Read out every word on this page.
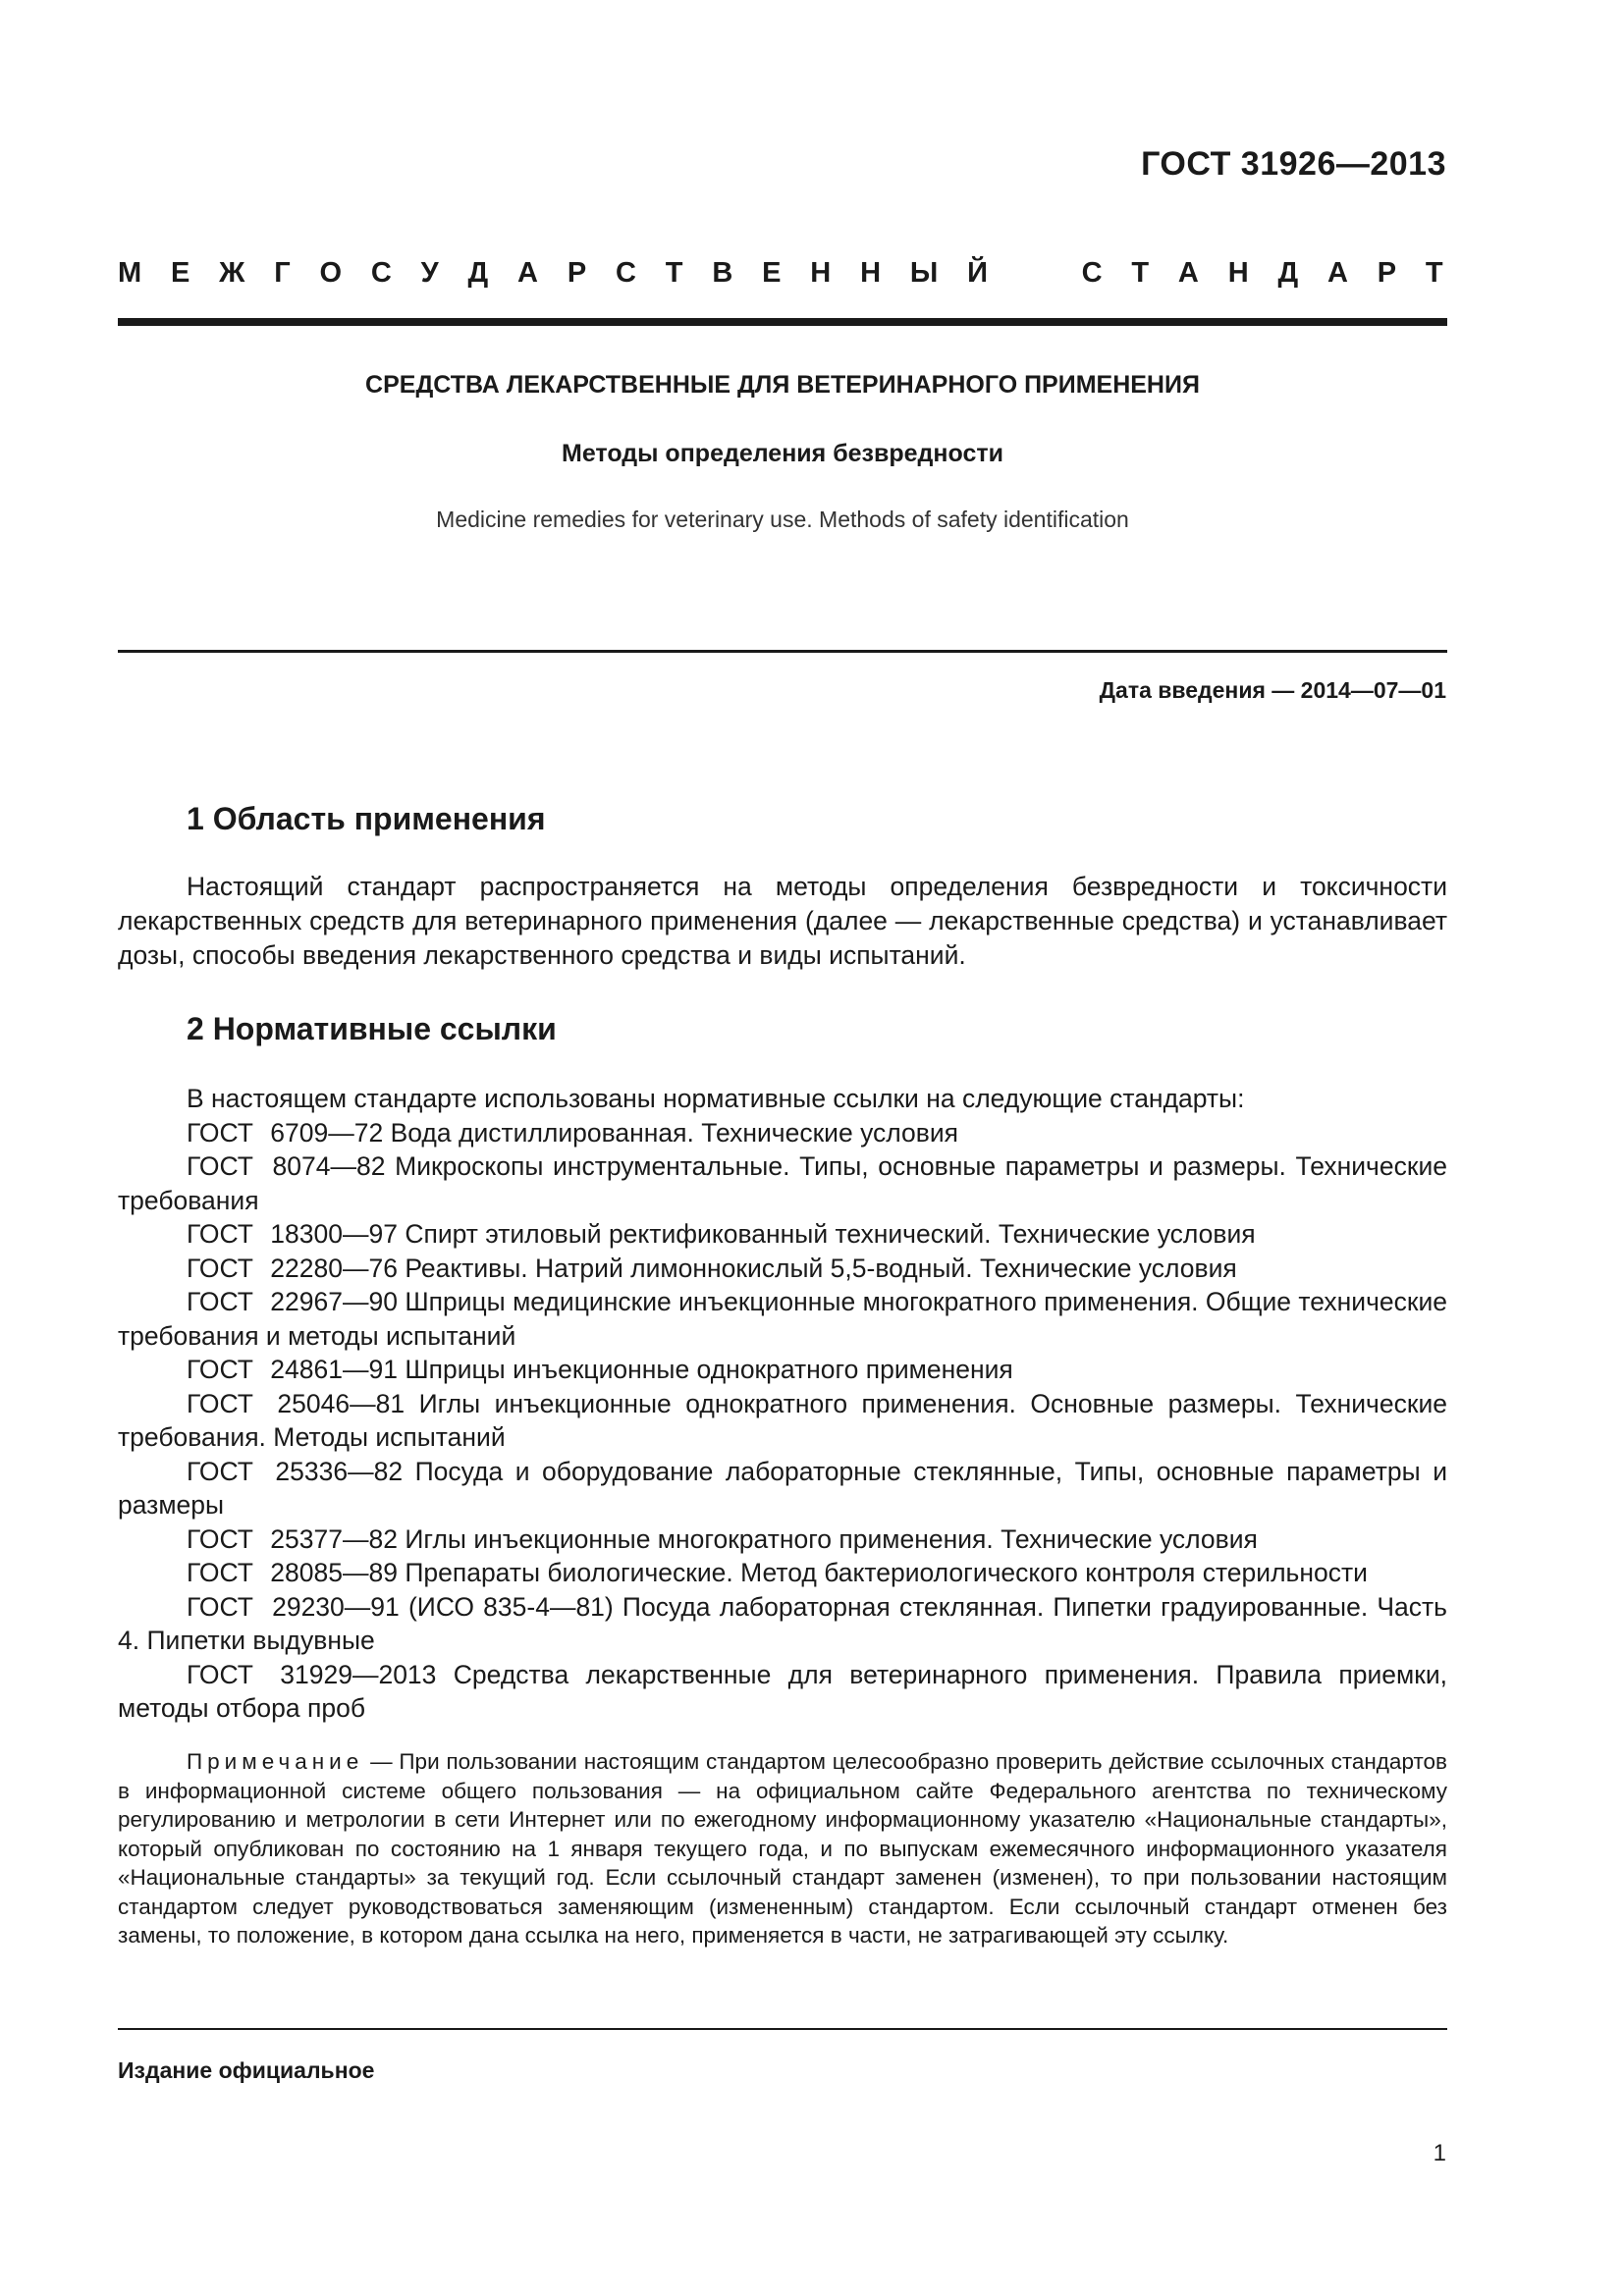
ГОСТ 31926—2013
М Е Ж Г О С У Д А Р С Т В Е Н Н Ы Й	С Т А Н Д А Р Т
СРЕДСТВА ЛЕКАРСТВЕННЫЕ ДЛЯ ВЕТЕРИНАРНОГО ПРИМЕНЕНИЯ
Методы определения безвредности
Medicine remedies for veterinary use. Methods of safety identification
Дата введения — 2014—07—01
1 Область применения

Настоящий стандарт распространяется на методы определения безвредности и токсичности лекарственных средств для ветеринарного применения (далее — лекарственные средства) и устанавливает дозы, способы введения лекарственного средства и виды испытаний.

2 Нормативные ссылки

В настоящем стандарте использованы нормативные ссылки на следующие стандарты:

ГОСТ 6709—72 Вода дистиллированная. Технические условия

ГОСТ 8074—82 Микроскопы инструментальные. Типы, основные параметры и размеры. Технические требования

ГОСТ 18300—97 Спирт этиловый ректификованный технический. Технические условия

ГОСТ 22280—76 Реактивы. Натрий лимоннокислый 5,5-водный. Технические условия

ГОСТ 22967—90 Шприцы медицинские инъекционные многократного применения. Общие технические требования и методы испытаний

ГОСТ 24861—91 Шприцы инъекционные однократного применения

ГОСТ 25046—81 Иглы инъекционные однократного применения. Основные размеры. Технические требования. Методы испытаний

ГОСТ 25336—82 Посуда и оборудование лабораторные стеклянные, Типы, основные параметры и размеры

ГОСТ 25377—82 Иглы инъекционные многократного применения. Технические условия

ГОСТ 28085—89 Препараты биологические. Метод бактериологического контроля стерильности

ГОСТ 29230—91 (ИСО 835-4—81) Посуда лабораторная стеклянная. Пипетки градуированные. Часть 4. Пипетки выдувные

ГОСТ 31929—2013 Средства лекарственные для ветеринарного применения. Правила приемки, методы отбора проб

Примечание — При пользовании настоящим стандартом целесообразно проверить действие ссылочных стандартов в информационной системе общего пользования — на официальном сайте Федерального агентства по техническому регулированию и метрологии в сети Интернет или по ежегодному информационному указателю «Национальные стандарты», который опубликован по состоянию на 1 января текущего года, и по выпускам ежемесячного информационного указателя «Национальные стандарты» за текущий год. Если ссылочный стандарт заменен (изменен), то при пользовании настоящим стандартом следует руководствоваться заменяющим (измененным) стандартом. Если ссылочный стандарт отменен без замены, то положение, в котором дана ссылка на него, применяется в части, не затрагивающей эту ссылку.
Издание официальное
1
